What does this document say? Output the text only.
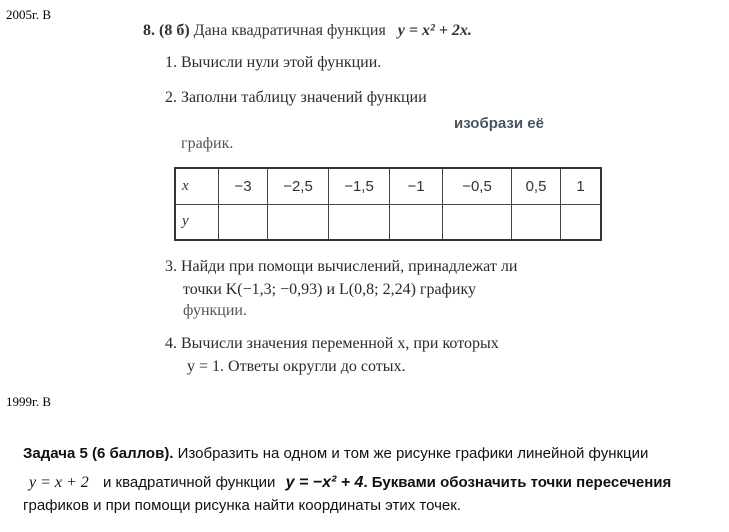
2005г. В
8. (8 б) Дана квадратичная функция y = x² + 2x.
1. Вычисли нули этой функции.
2. Заполни таблицу значений функции
изобрази её
график.
x	−3	−2,5	−1,5	−1	−0,5	0,5	1
y							
3. Найди при помощи вычислений, принадлежат ли
точки K(−1,3; −0,93) и L(0,8; 2,24) графику
функции.
4. Вычисли значения переменной x, при которых
y = 1. Ответы округли до сотых.
1999г. В
Задача 5 (6 баллов). Изобразить на одном и том же рисунке графики линейной функции
y = x + 2 и квадратичной функции y = −x² + 4. Буквами обозначить точки пересечения
графиков и при помощи рисунка найти координаты этих точек.
